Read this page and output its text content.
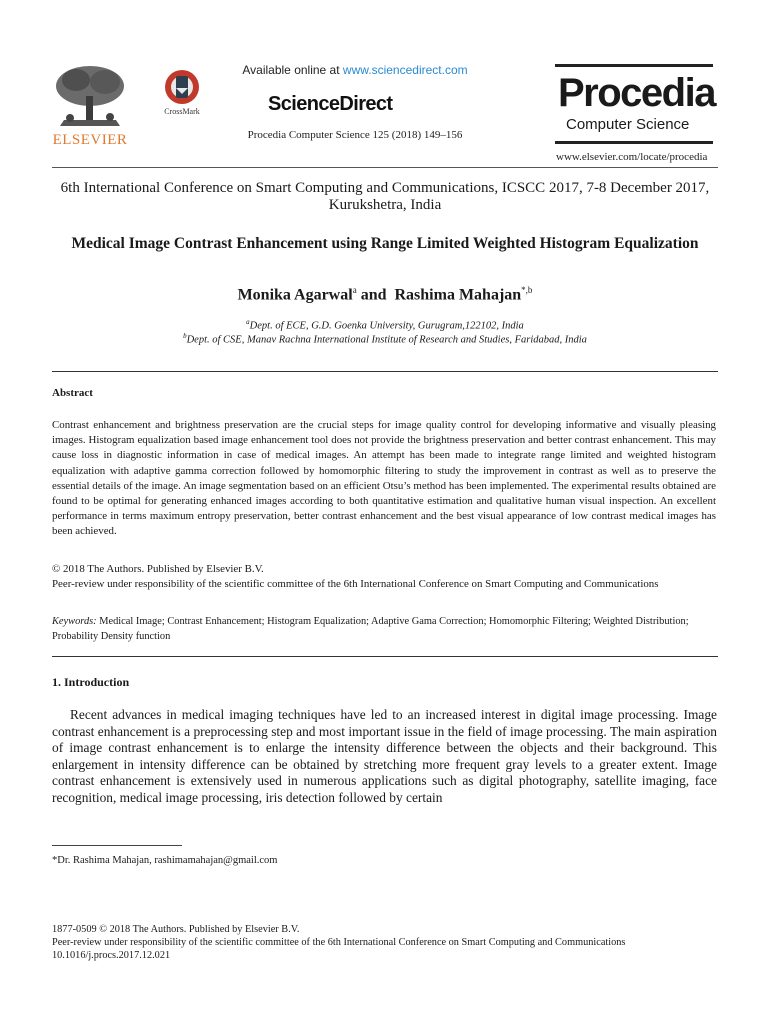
ELSEVIER
CrossMark
Available online at www.sciencedirect.com
ScienceDirect
Procedia Computer Science 125 (2018) 149–156
Procedia
Computer Science
www.elsevier.com/locate/procedia
6th International Conference on Smart Computing and Communications, ICSCC 2017, 7-8 December 2017, Kurukshetra, India
Medical Image Contrast Enhancement using Range Limited Weighted Histogram Equalization
Monika Agarwal$^a$ and  Rashima Mahajan$^{*,b}$
$^a$Dept. of ECE, G.D. Goenka University, Gurugram,122102, India
$^b$Dept. of CSE, Manav Rachna International Institute of Research and Studies, Faridabad, India
Abstract
Contrast enhancement and brightness preservation are the crucial steps for image quality control for developing informative and visually pleasing images. Histogram equalization based image enhancement tool does not provide the brightness preservation and better contrast enhancement. This may cause loss in diagnostic information in case of medical images. An attempt has been made to integrate range limited and weighted histogram equalization with adaptive gamma correction followed by homomorphic filtering to study the improvement in contrast as well as to preserve the essential details of the image. An image segmentation based on an efficient Otsu’s method has been implemented. The experimental results obtained are found to be optimal for generating enhanced images according to both quantitative estimation and qualitative human visual inspection. An excellent performance in terms maximum entropy preservation, better contrast enhancement and the best visual appearance of low contrast medical images has been achieved.
© 2018 The Authors. Published by Elsevier B.V.
Peer-review under responsibility of the scientific committee of the 6th International Conference on Smart Computing and Communications
Keywords: Medical Image; Contrast Enhancement; Histogram Equalization; Adaptive Gama Correction; Homomorphic Filtering; Weighted Distribution; Probability Density function
1. Introduction
Recent advances in medical imaging techniques have led to an increased interest in digital image processing. Image contrast enhancement is a preprocessing step and most important issue in the field of image processing. The main aspiration of image contrast enhancement is to enlarge the intensity difference between the objects and their background. This enlargement in intensity difference can be obtained by stretching more frequent gray levels to a greater extent. Image contrast enhancement is extensively used in numerous applications such as digital photography, satellite imaging, face recognition, medical image processing, iris detection followed by certain
*Dr. Rashima Mahajan, rashimamahajan@gmail.com
1877-0509 © 2018 The Authors. Published by Elsevier B.V.
Peer-review under responsibility of the scientific committee of the 6th International Conference on Smart Computing and Communications
10.1016/j.procs.2017.12.021
